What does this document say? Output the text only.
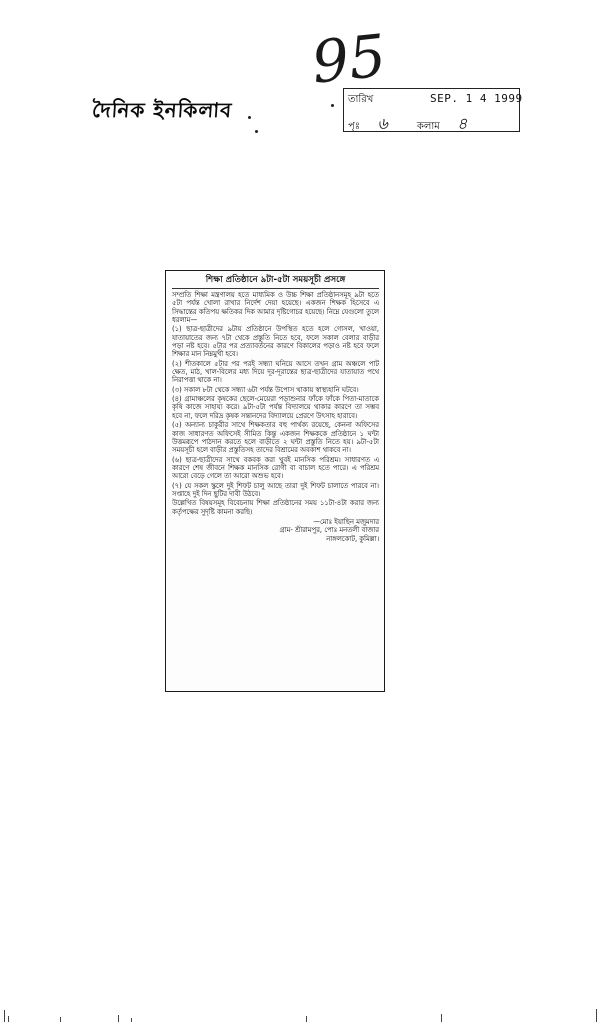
দৈনিক ইনকিলাব
95
তারিখ	SEP. 1 4 1999
পৃঃ ৬	কলাম ৪
শিক্ষা প্রতিষ্ঠানে ৯টা-৫টা সময়সূচী প্রসঙ্গে

সম্প্রতি শিক্ষা মন্ত্রণালয় হতে মাধ্যমিক ও উচ্চ শিক্ষা প্রতিষ্ঠানসমূহ ৯টা হতে ৫টা পর্যন্ত খোলা রাখার নির্দেশ দেয়া হয়েছে। একজন শিক্ষক হিসেবে এ সিদ্ধান্তের কতিপয় ক্ষতিকর দিক আমার দৃষ্টিগোচর হয়েছে। নিম্নে যেগুলো তুলে ধরলাম—

(১) ছাত্র-ছাত্রীদের ৯টায় প্রতিষ্ঠানে উপস্থিত হতে হলে গোসল, খাওয়া, যাতায়াতের জন্য ৭টা থেকে প্রস্তুতি নিতে হবে, ফলে সকাল বেলার বাড়ীর পড়া নষ্ট হবে। ৫টার পর প্রত্যাবর্তনের কারণে বিকালের পড়াও নষ্ট হবে ফলে শিক্ষার মান নিম্নমুখী হবে।

(২) শীতকালে ৫টার পর পরই সন্ধ্যা ঘনিয়ে আসে তখন গ্রাম অঞ্চলে পাট ক্ষেত, মাঠ, খাল-বিলের মধ্য দিয়ে দূর-দূরান্তের ছাত্র-ছাত্রীদের যাতায়াত পথে নিরাপত্তা থাকে না।

(৩) সকাল ৮টা থেকে সন্ধ্যা ৬টা পর্যন্ত উপোস থাকায় স্বাস্থ্যহানি ঘটবে।

(৪) গ্রামাঞ্চলের কৃষকের ছেলে-মেয়েরা পড়াশুনার ফাঁকে ফাঁকে পিতা-মাতাকে কৃষি কাজে সাহায্য করে। ৯টা-৫টা পর্যন্ত বিদ্যালয়ে থাকার কারণে তা সম্ভব হবে না, ফলে দরিদ্র কৃষক সন্তানদের বিদ্যালয়ে প্রেরণে উৎসাহ হারাবে।

(৫) অন্যান্য চাকুরীর সাথে শিক্ষকতার বহু পার্থক্য রয়েছে, কেননা অফিসের কাজ সাধারণত অফিসেই সীমিত কিন্তু একজন শিক্ষককে প্রতিষ্ঠানে ১ ঘন্টা উত্তমরূপে পাঠদান করতে হলে বাড়ীতে ২ ঘন্টা প্রস্তুতি নিতে হয়। ৯টা-৫টা সময়সূচী হলে বাড়ীর প্রস্তুতিসহ তাদের বিশ্রামের অবকাশ থাকবে না।

(৬) ছাত্র-ছাত্রীদের সাথে বকবক করা খুবই মানসিক পরিশ্রম। সাধারণত এ কারণে শেষ জীবনে শিক্ষক মানসিক রোগী বা বাচাল হতে পারে। এ পরিশ্রম আরো বেড়ে গেলে তা আরো অশুভ হবে।

(৭) যে সকল স্কুলে দুই শিফট চালু আছে তারা দুই শিফট চালাতে পারবে না। সপ্তাহে দুই দিন ছুটির দাবী উঠবে।

উল্লেখিত বিষয়সমূহ বিবেচনায় শিক্ষা প্রতিষ্ঠানের সময় ১১টা-৪টা করার জন্য কর্তৃপক্ষের সুদৃষ্টি কামনা করছি।

—মোঃ ইয়াছিন মজুমদার
গ্রাম- শ্রীরামপুর, পোঃ মনতলী বাজার
নাঙ্গলকোট, কুমিল্লা।
